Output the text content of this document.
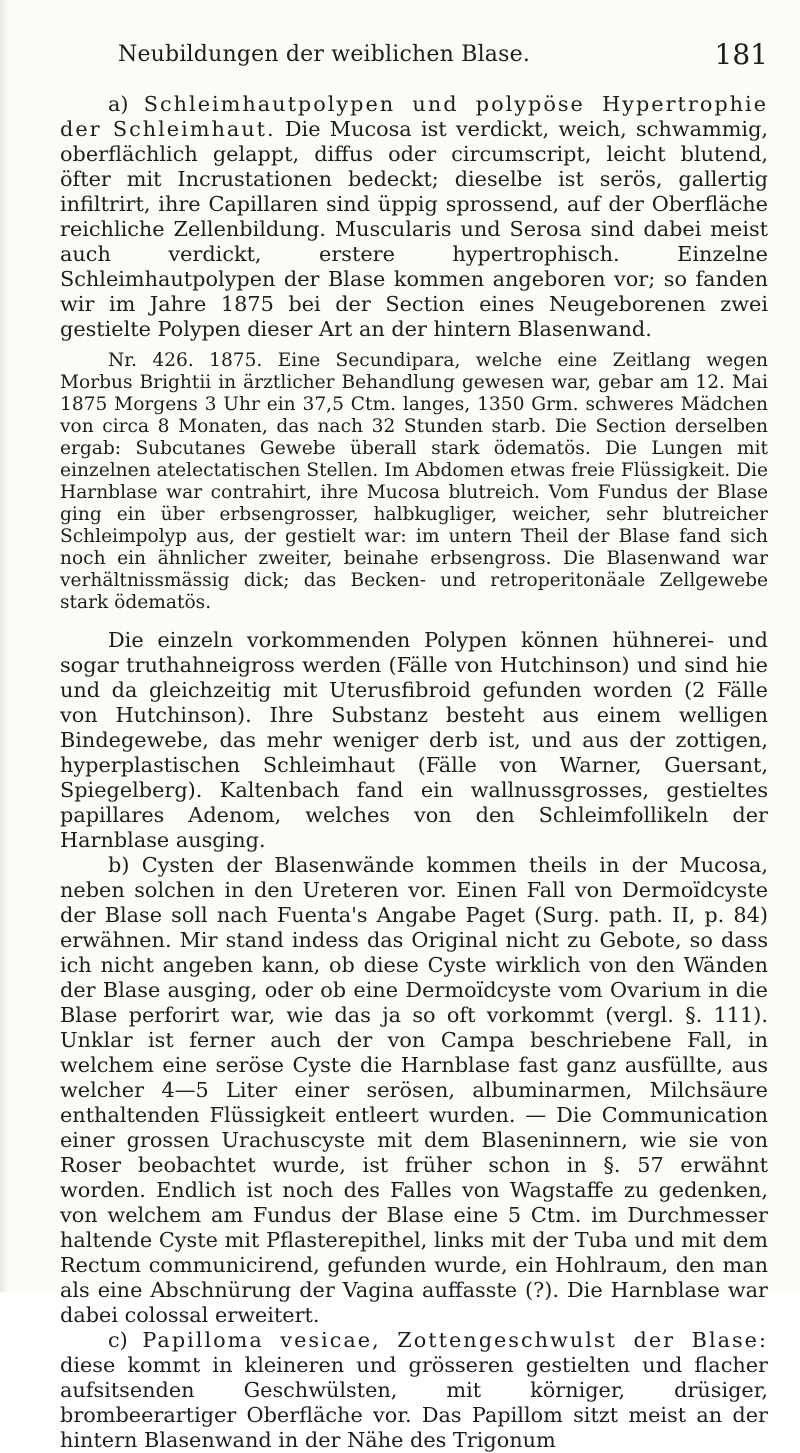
Neubildungen der weiblichen Blase.	181

a) Schleimhautpolypen und polypöse Hypertrophie der Schleimhaut. Die Mucosa ist verdickt, weich, schwammig, oberflächlich gelappt, diffus oder circumscript, leicht blutend, öfter mit Incrustationen bedeckt; dieselbe ist serös, gallertig infiltrirt, ihre Capillaren sind üppig sprossend, auf der Oberfläche reichliche Zellenbildung. Muscularis und Serosa sind dabei meist auch verdickt, erstere hypertrophisch. Einzelne Schleimhautpolypen der Blase kommen angeboren vor; so fanden wir im Jahre 1875 bei der Section eines Neugeborenen zwei gestielte Polypen dieser Art an der hintern Blasenwand.

Nr. 426. 1875. Eine Secundipara, welche eine Zeitlang wegen Morbus Brightii in ärztlicher Behandlung gewesen war, gebar am 12. Mai 1875 Morgens 3 Uhr ein 37,5 Ctm. langes, 1350 Grm. schweres Mädchen von circa 8 Monaten, das nach 32 Stunden starb. Die Section derselben ergab: Subcutanes Gewebe überall stark ödematös. Die Lungen mit einzelnen atelectatischen Stellen. Im Abdomen etwas freie Flüssigkeit. Die Harnblase war contrahirt, ihre Mucosa blutreich. Vom Fundus der Blase ging ein über erbsengrosser, halbkugliger, weicher, sehr blutreicher Schleimpolyp aus, der gestielt war: im untern Theil der Blase fand sich noch ein ähnlicher zweiter, beinahe erbsengross. Die Blasenwand war verhältnissmässig dick; das Becken- und retroperitonäale Zellgewebe stark ödematös.

Die einzeln vorkommenden Polypen können hühnerei- und sogar truthahneigross werden (Fälle von Hutchinson) und sind hie und da gleichzeitig mit Uterusfibroid gefunden worden (2 Fälle von Hutchinson). Ihre Substanz besteht aus einem welligen Bindegewebe, das mehr weniger derb ist, und aus der zottigen, hyperplastischen Schleimhaut (Fälle von Warner, Guersant, Spiegelberg). Kaltenbach fand ein wallnussgrosses, gestieltes papillares Adenom, welches von den Schleimfollikeln der Harnblase ausging.

b) Cysten der Blasenwände kommen theils in der Mucosa, neben solchen in den Ureteren vor. Einen Fall von Dermoïdcyste der Blase soll nach Fuenta's Angabe Paget (Surg. path. II, p. 84) erwähnen. Mir stand indess das Original nicht zu Gebote, so dass ich nicht angeben kann, ob diese Cyste wirklich von den Wänden der Blase ausging, oder ob eine Dermoïdcyste vom Ovarium in die Blase perforirt war, wie das ja so oft vorkommt (vergl. §. 111). Unklar ist ferner auch der von Campa beschriebene Fall, in welchem eine seröse Cyste die Harnblase fast ganz ausfüllte, aus welcher 4—5 Liter einer serösen, albuminarmen, Milchsäure enthaltenden Flüssigkeit entleert wurden. — Die Communication einer grossen Urachuscyste mit dem Blaseninnern, wie sie von Roser beobachtet wurde, ist früher schon in §. 57 erwähnt worden. Endlich ist noch des Falles von Wagstaffe zu gedenken, von welchem am Fundus der Blase eine 5 Ctm. im Durchmesser haltende Cyste mit Pflasterepithel, links mit der Tuba und mit dem Rectum communicirend, gefunden wurde, ein Hohlraum, den man als eine Abschnürung der Vagina auffasste (?). Die Harnblase war dabei colossal erweitert.

c) Papilloma vesicae, Zottengeschwulst der Blase: diese kommt in kleineren und grösseren gestielten und flacher aufsitsenden Geschwülsten, mit körniger, drüsiger, brombeerartiger Oberfläche vor. Das Papillom sitzt meist an der hintern Blasenwand in der Nähe des Trigonum
